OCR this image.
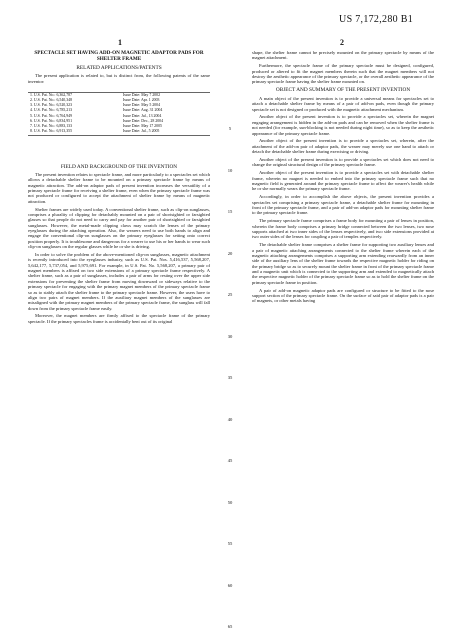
US 7,172,280 B1
1	2

SPECTACLE SET HAVING ADD-ON MAGNETIC ADAPTOR PADS FOR SHELTER FRAME

RELATED APPLICATIONS/PATENTS

The present application is related to, but is distinct from, the following patents of the same inventor:

1. U.S. Pat. No.: 6,362,787	Issue Date: May 7 2002
2. U.S. Pat. No.: 6,540,348	Issue Date: Apr. 1 2003
3. U.S. Pat. No.: 6,520,323	Issue Date: May 5 2004
4. U.S. Pat. No.: 6,785,213	Issue Date: Aug. 31 2004
5. U.S. Pat. No.: 6,764,949	Issue Date: Jul., 13 2004
6. U.S. Pat. No.: 6,834,951	Issue Date: Dec., 28 2004
7. U.S. Pat. No.: 6,883,133	Issue Date: May 17 2005
8. U.S. Pat. No.: 6,913,355	Issue Date: Jul., 5 2005

FIELD AND BACKGROUND OF THE INVENTION

The present invention relates to spectacle frame, and more particularly to a spectacles set which allows a detachable shelter frame to be mounted on a primary spectacle frame by means of magnetic attraction. The add-on adaptor pads of present invention increases the versatility of a primary spectacle frame for receiving a shelter frame, even when the primary spectacle frame was not produced or configured to accept the attachment of shelter frame by means of magnetic attraction.

Shelter frames are widely used today. A conventional shelter frame, such as clip-on sunglasses, comprises a plurality of clipping for detachably mounted on a pair of shortsighted or farsighted glasses so that people do not need to carry and pay for another pair of shortsighted or farsighted sunglasses. However, the metal-made clipping claws may scratch the lenses of the primary eyeglasses during the attaching operation. Also, the wearers need to use both hands to align and engage the conventional clip-on sunglasses on the primary eyeglasses for setting onto correct position properly. It is troublesome and dangerous for a wearer to use his or her hands to wear such clip-on sunglasses on the regular glasses while he or she is driving.

In order to solve the problem of the above-mentioned clip-on sunglasses, magnetic attachment is recently introduced into the eyeglasses industry, such as U.S. Pat. Nos. 5,416,537, 5,568,207, 5,642,177, 5,737,054, and 5,975,691. For example, in U.S. Pat. No. 5,568,207, a primary pair of magnet members is affixed on two side extensions of a primary spectacle frame respectively. A shelter frame, such as a pair of sunglasses, includes a pair of arms for resting over the upper side extensions for preventing the shelter frame from moving downward or sideways relative to the primary spectacle for engaging with the primary magnet members of the primary spectacle frame so as to stably attach the shelter frame to the primary spectacle frame. However, the users have to align two pairs of magnet members. If the auxiliary magnet members of the sunglasses are misaligned with the primary magnet members of the primary spectacle frame, the sunglass will fall down from the primary spectacle frame easily.

Moreover, the magnet members are firmly affixed to the spectacle frame of the primary spectacle. If the primary spectacles frame is accidentally bent out of its original

5
10
15
20
25
30
35
40
45
50
55
60
65

shape, the shelter frame cannot be precisely mounted on the primary spectacle by means of the magnet attachment.

Furthermore, the spectacle frame of the primary spectacle must be designed, configured, produced or altered to fit the magnet members therein such that the magnet members will not destroy the aesthetic appearance of the primary spectacle, or the overall aesthetic appearance of the primary spectacle frame having the shelter frame mounted on.

OBJECT AND SUMMARY OF THE PRESENT INVENTION

A main object of the present invention is to provide a universal means for spectacles set to attach a detachable shelter frame by means of a pair of add-on pads, even though the primary spectacle set is not designed or produced with the magnetic attachment mechanism.

Another object of the present invention is to provide a spectacles set, wherein the magnet engaging arrangement is hidden in the add-on pads and can be removed when the shelter frame is not needed (for example, sun-blocking is not needed during night time), so as to keep the aesthetic appearance of the primary spectacle frame.

Another object of the present invention is to provide a spectacles set, wherein, after the attachment of the add-on pair of adaptor pads, the wearer may merely use one hand to attach or detach the detachable shelter frame during exercising or driving.

Another object of the present invention is to provide a spectacles set which does not need to change the original structural design of the primary spectacle frame.

Another object of the present invention is to provide a spectacles set with detachable shelter frame, wherein no magnet is needed to embed into the primary spectacle frame such that no magnetic field is generated around the primary spectacle frame to affect the wearer's health while he or she normally wears the primary spectacle frame.

Accordingly, in order to accomplish the above objects, the present invention provides a spectacles set comprising a primary spectacle frame, a detachable shelter frame for mounting in front of the primary spectacle frame, and a pair of add-on adaptor pads for mounting shelter frame to the primary spectacle frame.

The primary spectacle frame comprises a frame body for mounting a pair of lenses in position, wherein the frame body comprises a primary bridge connected between the two lenses, two nose supports attached at two inner sides of the lenses respectively, and two side extensions provided at two outer sides of the lenses for coupling a pair of temples respectively.

The detachable shelter frame comprises a shelter frame for supporting two auxiliary lenses and a pair of magnetic attaching arrangements connected to the shelter frame wherein each of the magnetic attaching arrangements comprises a supporting arm extending rearwardly from an inner side of the auxiliary lens of the shelter frame towards the respective magnetic holder for riding on the primary bridge so as to securely mount the shelter frame in front of the primary spectacle frame and a magnetic unit which is connected to the supporting arm and extended to magnetically attach the respective magnetic holder of the primary spectacle frame so as to hold the shelter frame on the primary spectacle frame in position.

A pair of add-on magnetic adaptor pads are configured or structure to be fitted to the nose support section of the primary spectacle frame. On the surface of said pair of adaptor pads is a pair of magnets, or other metals having
